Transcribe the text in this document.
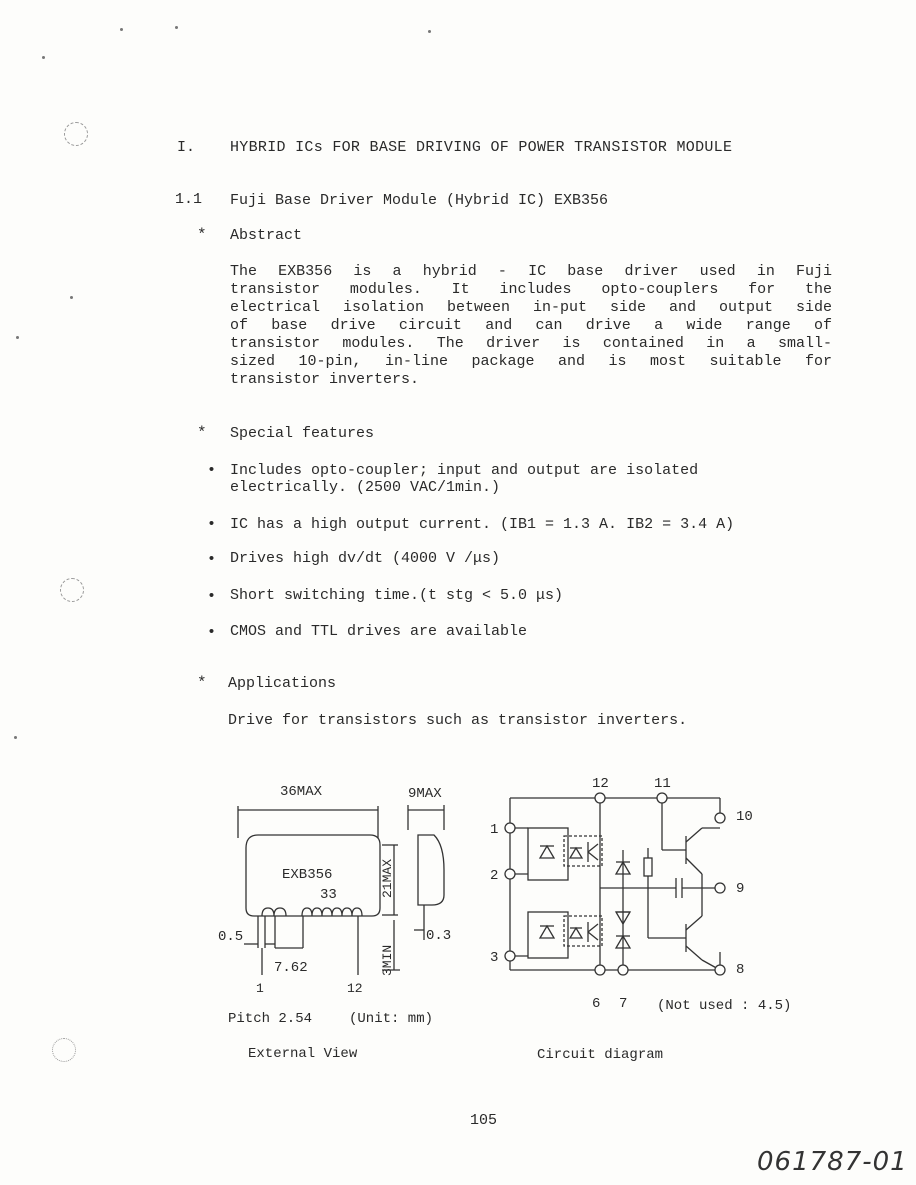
I. HYBRID ICs FOR BASE DRIVING OF POWER TRANSISTOR MODULE
1.1 Fuji Base Driver Module (Hybrid IC) EXB356
* Abstract
The EXB356 is a hybrid - IC base driver used in Fuji
transistor modules. It includes opto-couplers for the
electrical isolation between in-put side and output side
of base drive circuit and can drive a wide range of
transistor modules. The driver is contained in a small-
sized 10-pin, in-line package and is most suitable for
transistor inverters.
* Special features
• Includes opto-coupler; input and output are isolated
electrically. (2500 VAC/1min.)
• IC has a high output current. (IB1 = 1.3 A. IB2 = 3.4 A)
• Drives high dv/dt (4000 V /μs)
• Short switching time.(t stg < 5.0 μs)
• CMOS and TTL drives are available
* Applications
Drive for transistors such as transistor inverters.
36MAX	9MAX
EXB356
33	21MAX
3MIN
0.5	0.3
7.62
1	12
Pitch 2.54	(Unit: mm)
External View
1
2
3
12	11
10
9
8
6 7 (Not used : 4.5)
Circuit diagram
105
061787-01
